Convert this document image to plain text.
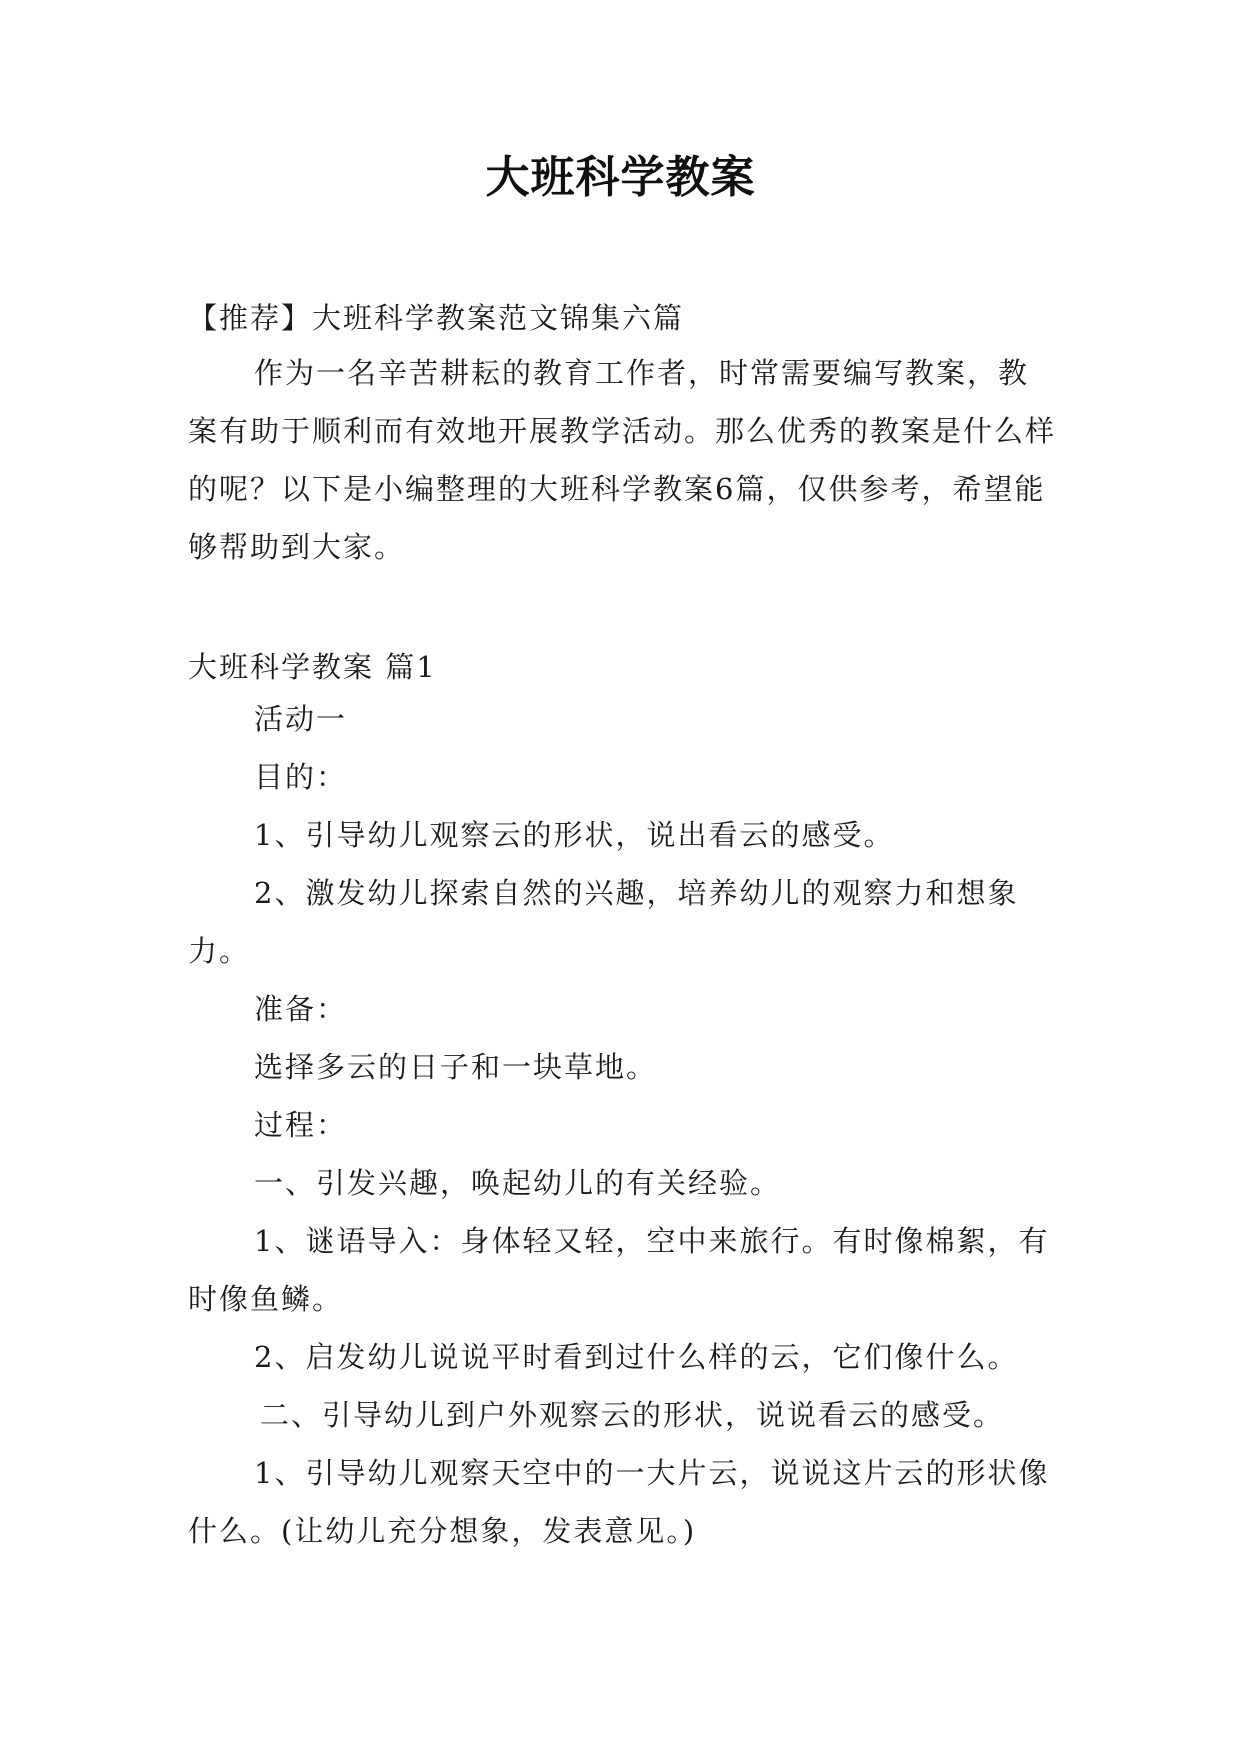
大班科学教案
【推荐】大班科学教案范文锦集六篇
作为一名辛苦耕耘的教育工作者，时常需要编写教案，教案有助于顺利而有效地开展教学活动。那么优秀的教案是什么样的呢？以下是小编整理的大班科学教案6篇，仅供参考，希望能够帮助到大家。
大班科学教案 篇1

活动一

目的：

1、引导幼儿观察云的形状，说出看云的感受。

2、激发幼儿探索自然的兴趣，培养幼儿的观察力和想象力。

准备：

选择多云的日子和一块草地。

过程：

一、引发兴趣，唤起幼儿的有关经验。

1、谜语导入：身体轻又轻，空中来旅行。有时像棉絮，有时像鱼鳞。

2、启发幼儿说说平时看到过什么样的云，它们像什么。

二、引导幼儿到户外观察云的形状，说说看云的感受。

1、引导幼儿观察天空中的一大片云，说说这片云的形状像什么。(让幼儿充分想象，发表意见。)
